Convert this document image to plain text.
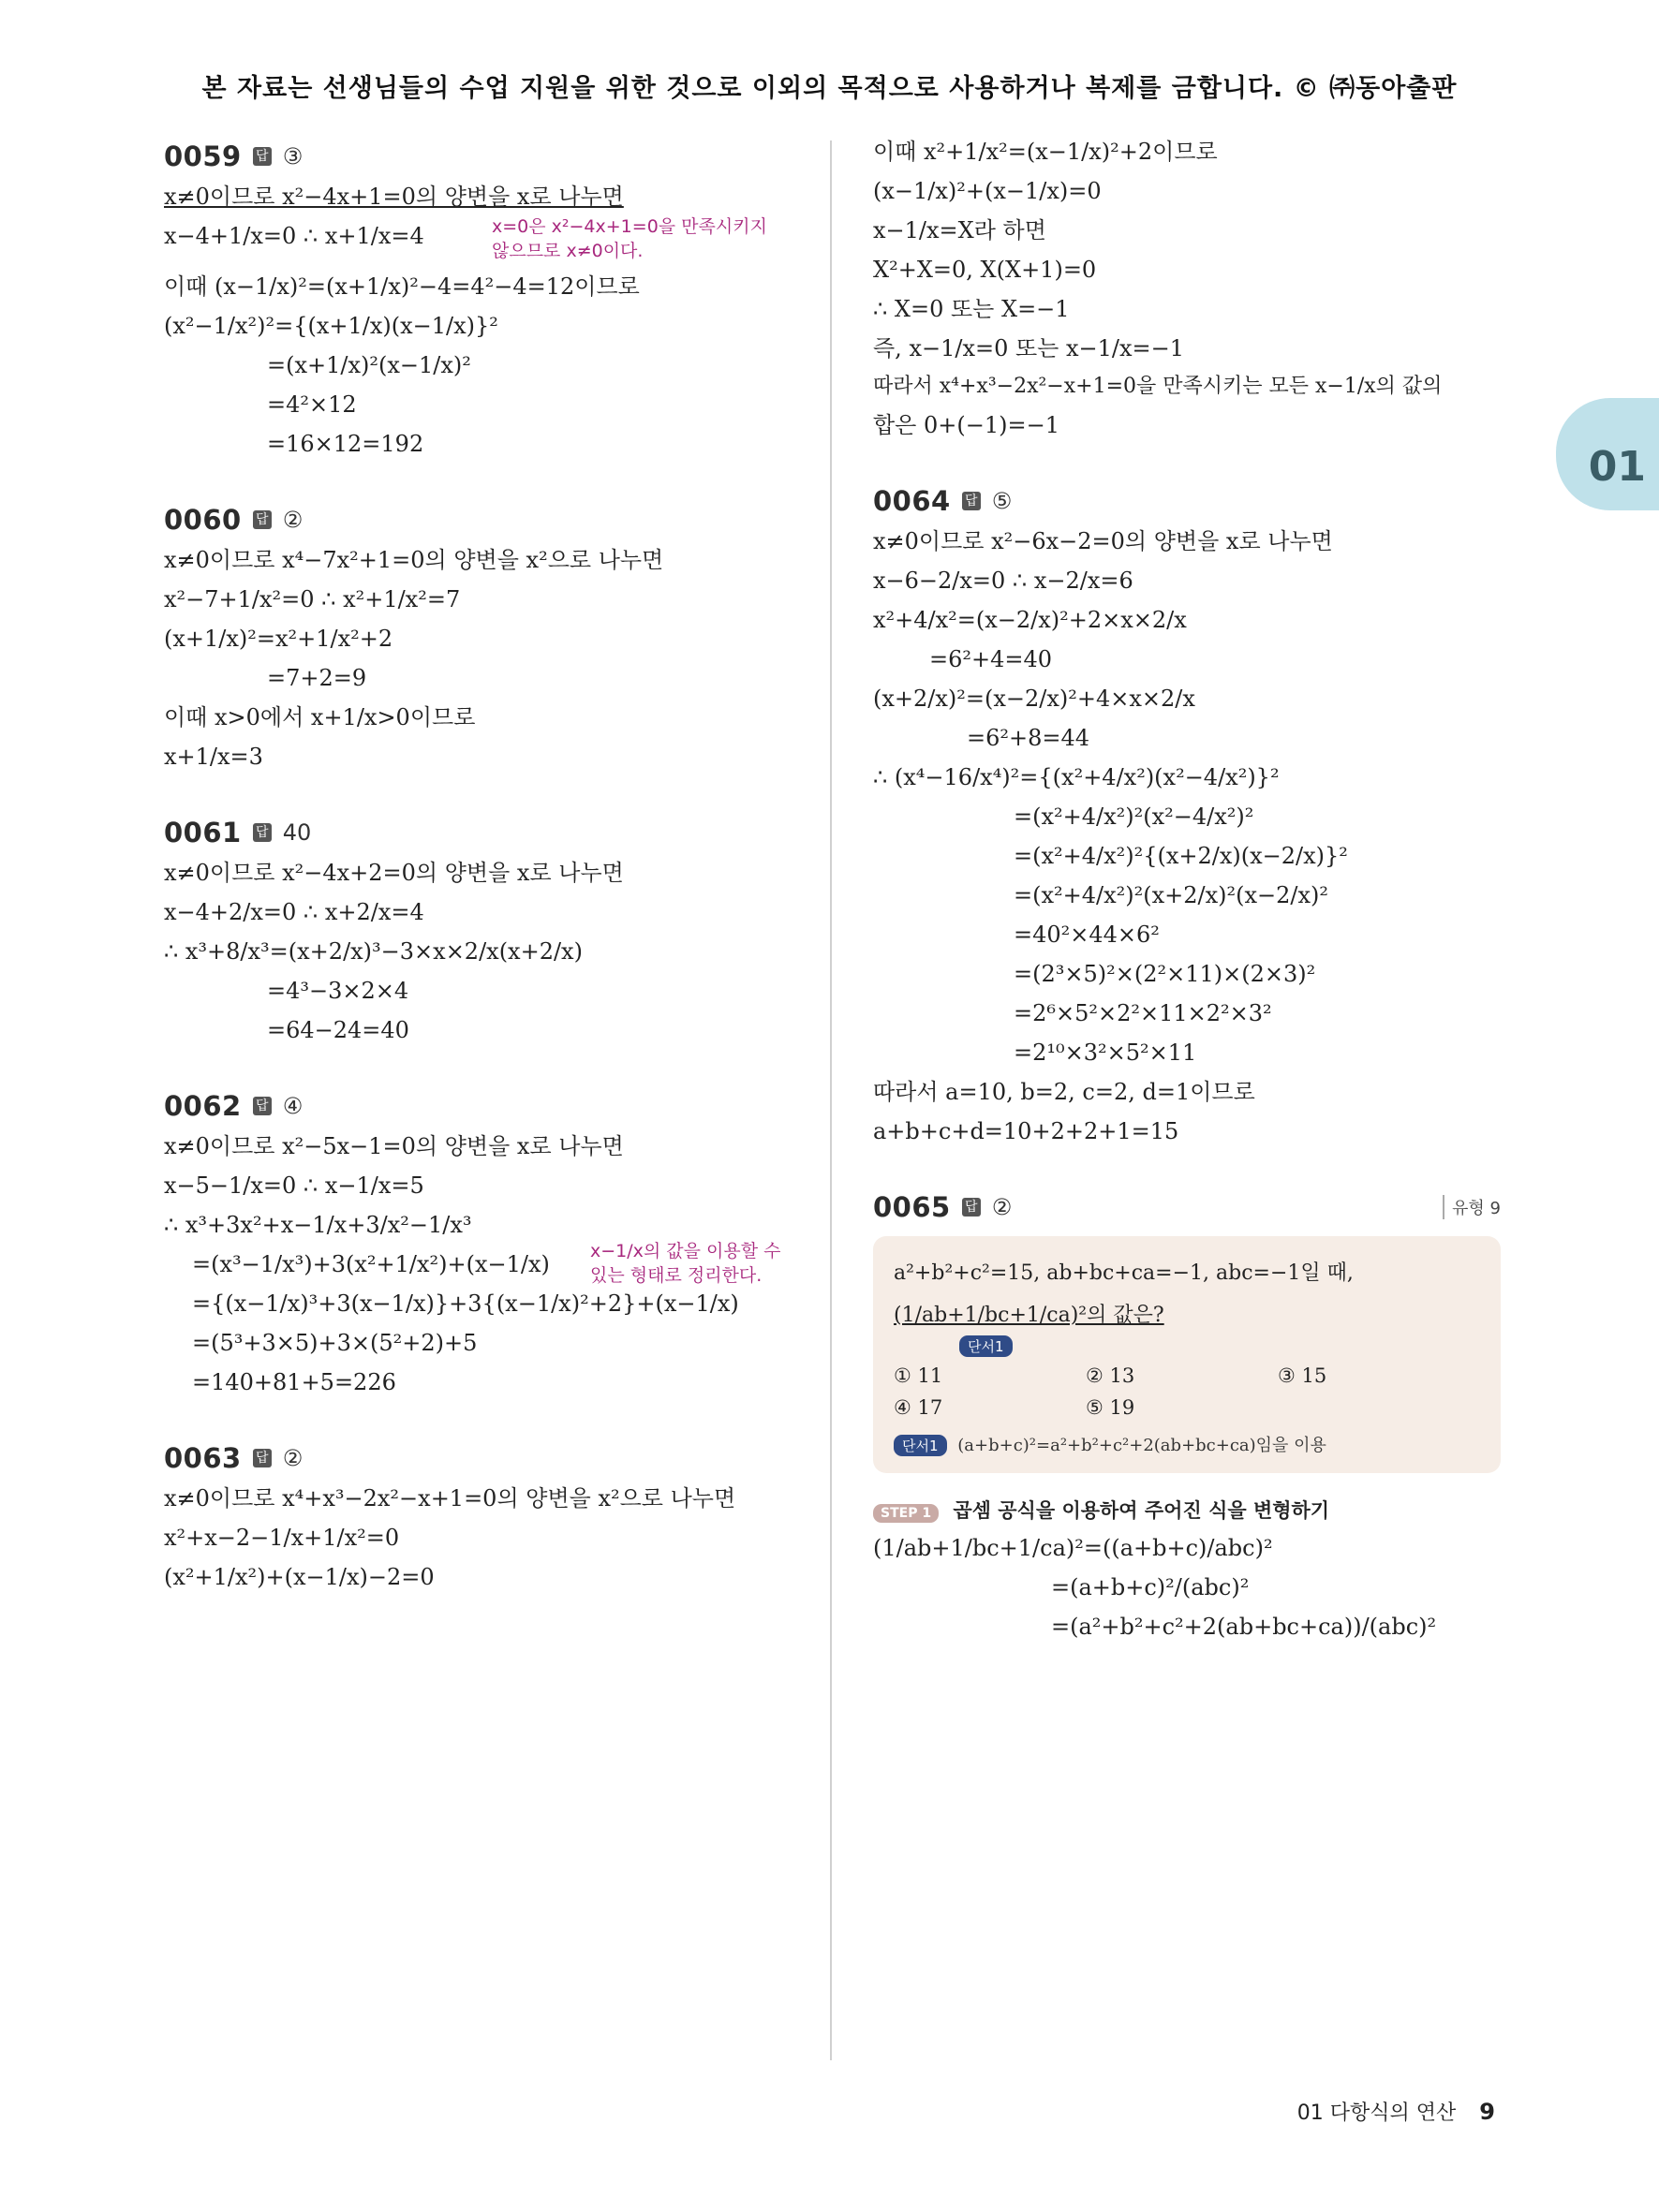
본 자료는 선생님들의 수업 지원을 위한 것으로 이외의 목적으로 사용하거나 복제를 금합니다. © ㈜동아출판
01
0059 답 ③
x≠0이므로 x²−4x+1=0의 양변을 x로 나누면
x−4+1/x=0 ∴ x+1/x=4	x=0은 x²−4x+1=0을 만족시키지 않으므로 x≠0이다.
이때 (x−1/x)²=(x+1/x)²−4=4²−4=12이므로
(x²−1/x²)²={(x+1/x)(x−1/x)}²
=(x+1/x)²(x−1/x)²
=4²×12
=16×12=192
0060 답 ②
x≠0이므로 x⁴−7x²+1=0의 양변을 x²으로 나누면
x²−7+1/x²=0 ∴ x²+1/x²=7
(x+1/x)²=x²+1/x²+2
=7+2=9
이때 x>0에서 x+1/x>0이므로
x+1/x=3
0061 답 40
x≠0이므로 x²−4x+2=0의 양변을 x로 나누면
x−4+2/x=0 ∴ x+2/x=4
∴ x³+8/x³=(x+2/x)³−3×x×2/x(x+2/x)
=4³−3×2×4
=64−24=40
0062 답 ④
x≠0이므로 x²−5x−1=0의 양변을 x로 나누면
x−5−1/x=0 ∴ x−1/x=5
∴ x³+3x²+x−1/x+3/x²−1/x³
x−1/x의 값을 이용할 수 있는 형태로 정리한다.
=(x³−1/x³)+3(x²+1/x²)+(x−1/x)
={(x−1/x)³+3(x−1/x)}+3{(x−1/x)²+2}+(x−1/x)
=(5³+3×5)+3×(5²+2)+5
=140+81+5=226
0063 답 ②
x≠0이므로 x⁴+x³−2x²−x+1=0의 양변을 x²으로 나누면
x²+x−2−1/x+1/x²=0
(x²+1/x²)+(x−1/x)−2=0
이때 x²+1/x²=(x−1/x)²+2이므로
(x−1/x)²+(x−1/x)=0
x−1/x=X라 하면
X²+X=0, X(X+1)=0
∴ X=0 또는 X=−1
즉, x−1/x=0 또는 x−1/x=−1
따라서 x⁴+x³−2x²−x+1=0을 만족시키는 모든 x−1/x의 값의
합은 0+(−1)=−1
0064 답 ⑤
x≠0이므로 x²−6x−2=0의 양변을 x로 나누면
x−6−2/x=0 ∴ x−2/x=6
x²+4/x²=(x−2/x)²+2×x×2/x
=6²+4=40
(x+2/x)²=(x−2/x)²+4×x×2/x
=6²+8=44
∴ (x⁴−16/x⁴)²={(x²+4/x²)(x²−4/x²)}²
=(x²+4/x²)²(x²−4/x²)²
=(x²+4/x²)²{(x+2/x)(x−2/x)}²
=(x²+4/x²)²(x+2/x)²(x−2/x)²
=40²×44×6²
=(2³×5)²×(2²×11)×(2×3)²
=2⁶×5²×2²×11×2²×3²
=2¹⁰×3²×5²×11
따라서 a=10, b=2, c=2, d=1이므로
a+b+c+d=10+2+2+1=15
0065 답 ②	유형 9
a²+b²+c²=15, ab+bc+ca=−1, abc=−1일 때,
(1/ab+1/bc+1/ca)²의 값은?
단서1
① 11	② 13	③ 15
④ 17	⑤ 19
단서1 (a+b+c)²=a²+b²+c²+2(ab+bc+ca)임을 이용
STEP 1 곱셈 공식을 이용하여 주어진 식을 변형하기
(1/ab+1/bc+1/ca)²=((a+b+c)/abc)²
=(a+b+c)²/(abc)²
=(a²+b²+c²+2(ab+bc+ca))/(abc)²
01 다항식의 연산 9
